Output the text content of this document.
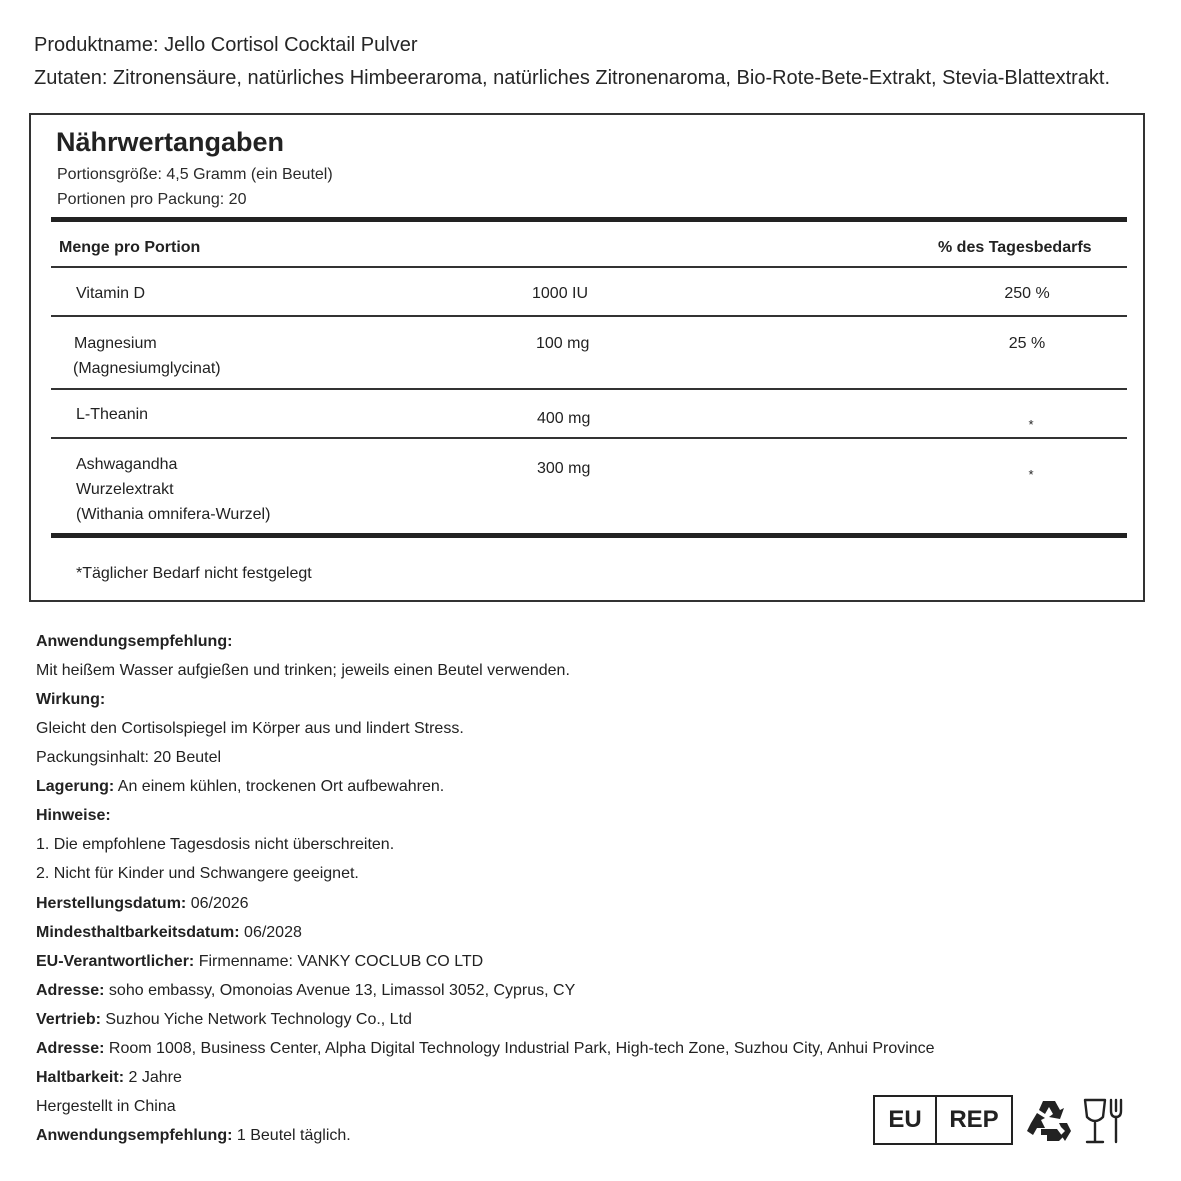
Produktname: Jello Cortisol Cocktail Pulver
Zutaten: Zitronensäure, natürliches Himbeeraroma, natürliches Zitronenaroma, Bio-Rote-Bete-Extrakt, Stevia-Blattextrakt.
Nährwertangaben
Portionsgröße: 4,5 Gramm (ein Beutel)
Portionen pro Packung: 20
Menge pro Portion	% des Tagesbedarfs
Vitamin D	1000 IU	250 %
Magnesium
(Magnesiumglycinat)
100 mg	25 %
L-Theanin	400 mg	*
Ashwagandha
Wurzelextrakt
(Withania omnifera-Wurzel)
300 mg	*
*Täglicher Bedarf nicht festgelegt
Anwendungsempfehlung:
Mit heißem Wasser aufgießen und trinken; jeweils einen Beutel verwenden.
Wirkung:
Gleicht den Cortisolspiegel im Körper aus und lindert Stress.
Packungsinhalt: 20 Beutel
Lagerung: An einem kühlen, trockenen Ort aufbewahren.
Hinweise:
1. Die empfohlene Tagesdosis nicht überschreiten.
2. Nicht für Kinder und Schwangere geeignet.
Herstellungsdatum: 06/2026
Mindesthaltbarkeitsdatum: 06/2028
EU-Verantwortlicher: Firmenname: VANKY COCLUB CO LTD
Adresse: soho embassy, Omonoias Avenue 13, Limassol 3052, Cyprus, CY
Vertrieb: Suzhou Yiche Network Technology Co., Ltd
Adresse: Room 1008, Business Center, Alpha Digital Technology Industrial Park, High-tech Zone, Suzhou City, Anhui Province
Haltbarkeit: 2 Jahre
Hergestellt in China
Anwendungsempfehlung: 1 Beutel täglich.
EU	REP
